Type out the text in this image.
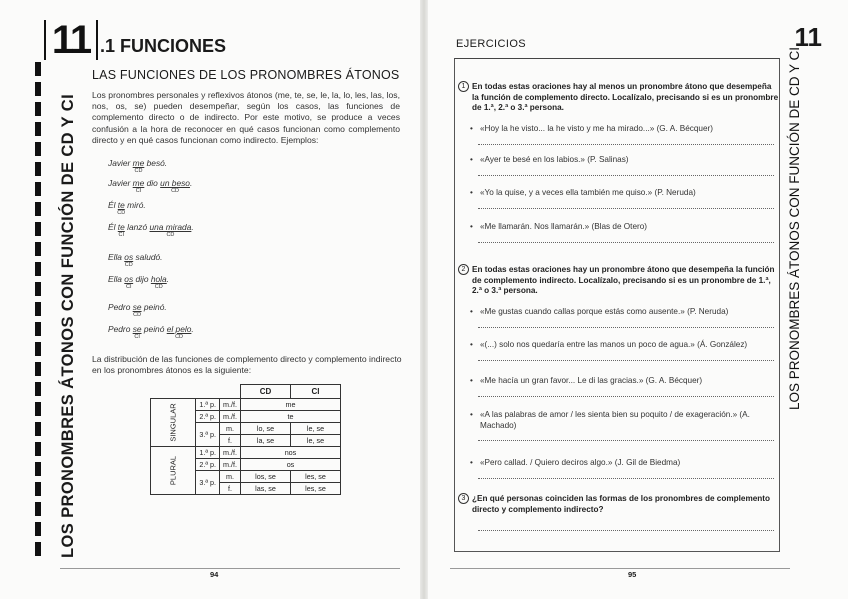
LOS PRONOMBRES ÁTONOS CON FUNCIÓN DE CD Y CI
11 .1 FUNCIONES
LAS FUNCIONES DE LOS PRONOMBRES ÁTONOS
Los pronombres personales y reflexivos átonos (me, te, se, le, la, lo, les, las, los, nos, os, se) pueden desempeñar, según los casos, las funciones de complemento directo o de indirecto. Por este motivo, se produce a veces confusión a la hora de reconocer en qué casos funcionan como complemento directo y en qué casos funcionan como indirecto. Ejemplos:
Javier me
CD
besó.
Javier me
CI
dio un beso
CD
.
Él te
CD
miró.
Él te
CI
lanzó una mirada
CD
.
Ella os
CD
saludó.
Ella os
CI
dijo hola
CD
.
Pedro se
CD
peinó.
Pedro se
CI
peinó el pelo
CD
.
La distribución de las funciones de complemento directo y complemento indirecto en los pronombres átonos es la siguiente:
			CD	CI

SINGULAR	1.ª p.	m./f.	me	
	2.ª p.	m./f.	te	
	3.ª p.	m.	lo, se	le, se
		f.	la, se	le, se

PLURAL	1.ª p.	m./f.	nos	
	2.ª p.	m./f.	os	
	3.ª p.	m.	los, se	les, se
		f.	las, se	les, se
94
11
LOS PRONOMBRES ÁTONOS CON FUNCIÓN DE CD Y CI
EJERCICIOS
1 En todas estas oraciones hay al menos un pronombre átono que desempeña la función de complemento directo. Localízalo, precisando si es un pronombre de 1.ª, 2.ª o 3.ª persona.
• «Hoy la he visto... la he visto y me ha mirado...» (G. A. Bécquer)
• «Ayer te besé en los labios.» (P. Salinas)
• «Yo la quise, y a veces ella también me quiso.» (P. Neruda)
• «Me llamarán. Nos llamarán.» (Blas de Otero)
2 En todas estas oraciones hay un pronombre átono que desempeña la función de complemento indirecto. Localízalo, precisando si es un pronombre de 1.ª, 2.ª o 3.ª persona.
• «Me gustas cuando callas porque estás como ausente.» (P. Neruda)
• «(...) solo nos quedaría entre las manos un poco de agua.» (Á. González)
• «Me hacía un gran favor... Le di las gracias.» (G. A. Bécquer)
• «A las palabras de amor / les sienta bien su poquito / de exageración.» (A. Machado)
• «Pero callad. / Quiero deciros algo.» (J. Gil de Biedma)
3 ¿En qué personas coinciden las formas de los pronombres de complemento directo y complemento indirecto?
95
